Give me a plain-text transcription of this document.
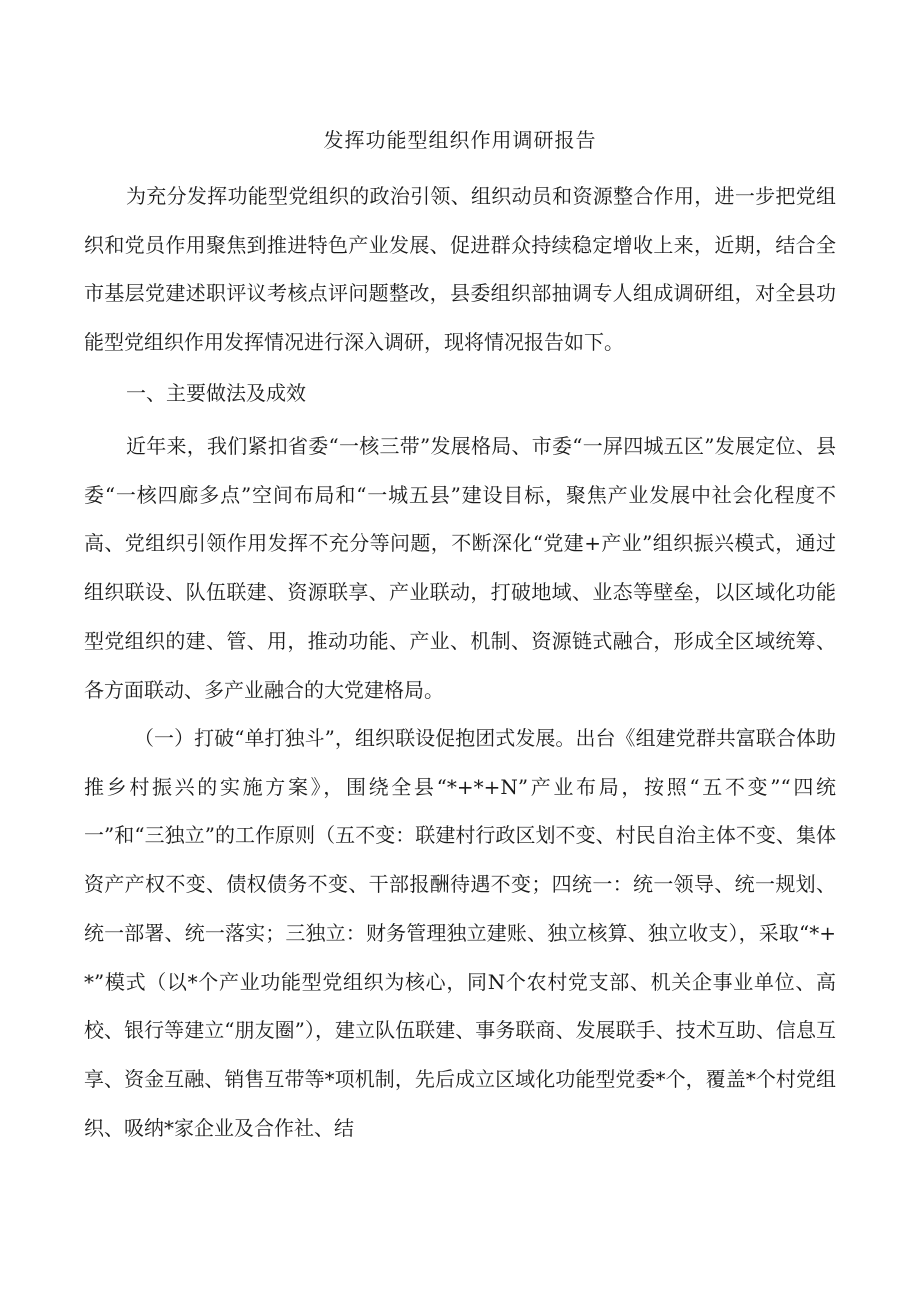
发挥功能型组织作用调研报告

为充分发挥功能型党组织的政治引领、组织动员和资源整合作用，进一步把党组织和党员作用聚焦到推进特色产业发展、促进群众持续稳定增收上来，近期，结合全市基层党建述职评议考核点评问题整改，县委组织部抽调专人组成调研组，对全县功能型党组织作用发挥情况进行深入调研，现将情况报告如下。

一、主要做法及成效

近年来，我们紧扣省委“一核三带”发展格局、市委“一屏四城五区”发展定位、县委“一核四廊多点”空间布局和“一城五县”建设目标，聚焦产业发展中社会化程度不高、党组织引领作用发挥不充分等问题，不断深化“党建+产业”组织振兴模式，通过组织联设、队伍联建、资源联享、产业联动，打破地域、业态等壁垒，以区域化功能型党组织的建、管、用，推动功能、产业、机制、资源链式融合，形成全区域统筹、各方面联动、多产业融合的大党建格局。

（一）打破“单打独斗”，组织联设促抱团式发展。出台《组建党群共富联合体助推乡村振兴的实施方案》，围绕全县“*+*+N”产业布局，按照“五不变”“四统一”和“三独立”的工作原则（五不变：联建村行政区划不变、村民自治主体不变、集体资产产权不变、债权债务不变、干部报酬待遇不变；四统一：统一领导、统一规划、统一部署、统一落实；三独立：财务管理独立建账、独立核算、独立收支），采取“*+*”模式（以*个产业功能型党组织为核心，同N个农村党支部、机关企事业单位、高校、银行等建立“朋友圈”），建立队伍联建、事务联商、发展联手、技术互助、信息互享、资金互融、销售互带等*项机制，先后成立区域化功能型党委*个，覆盖*个村党组织、吸纳*家企业及合作社、结
